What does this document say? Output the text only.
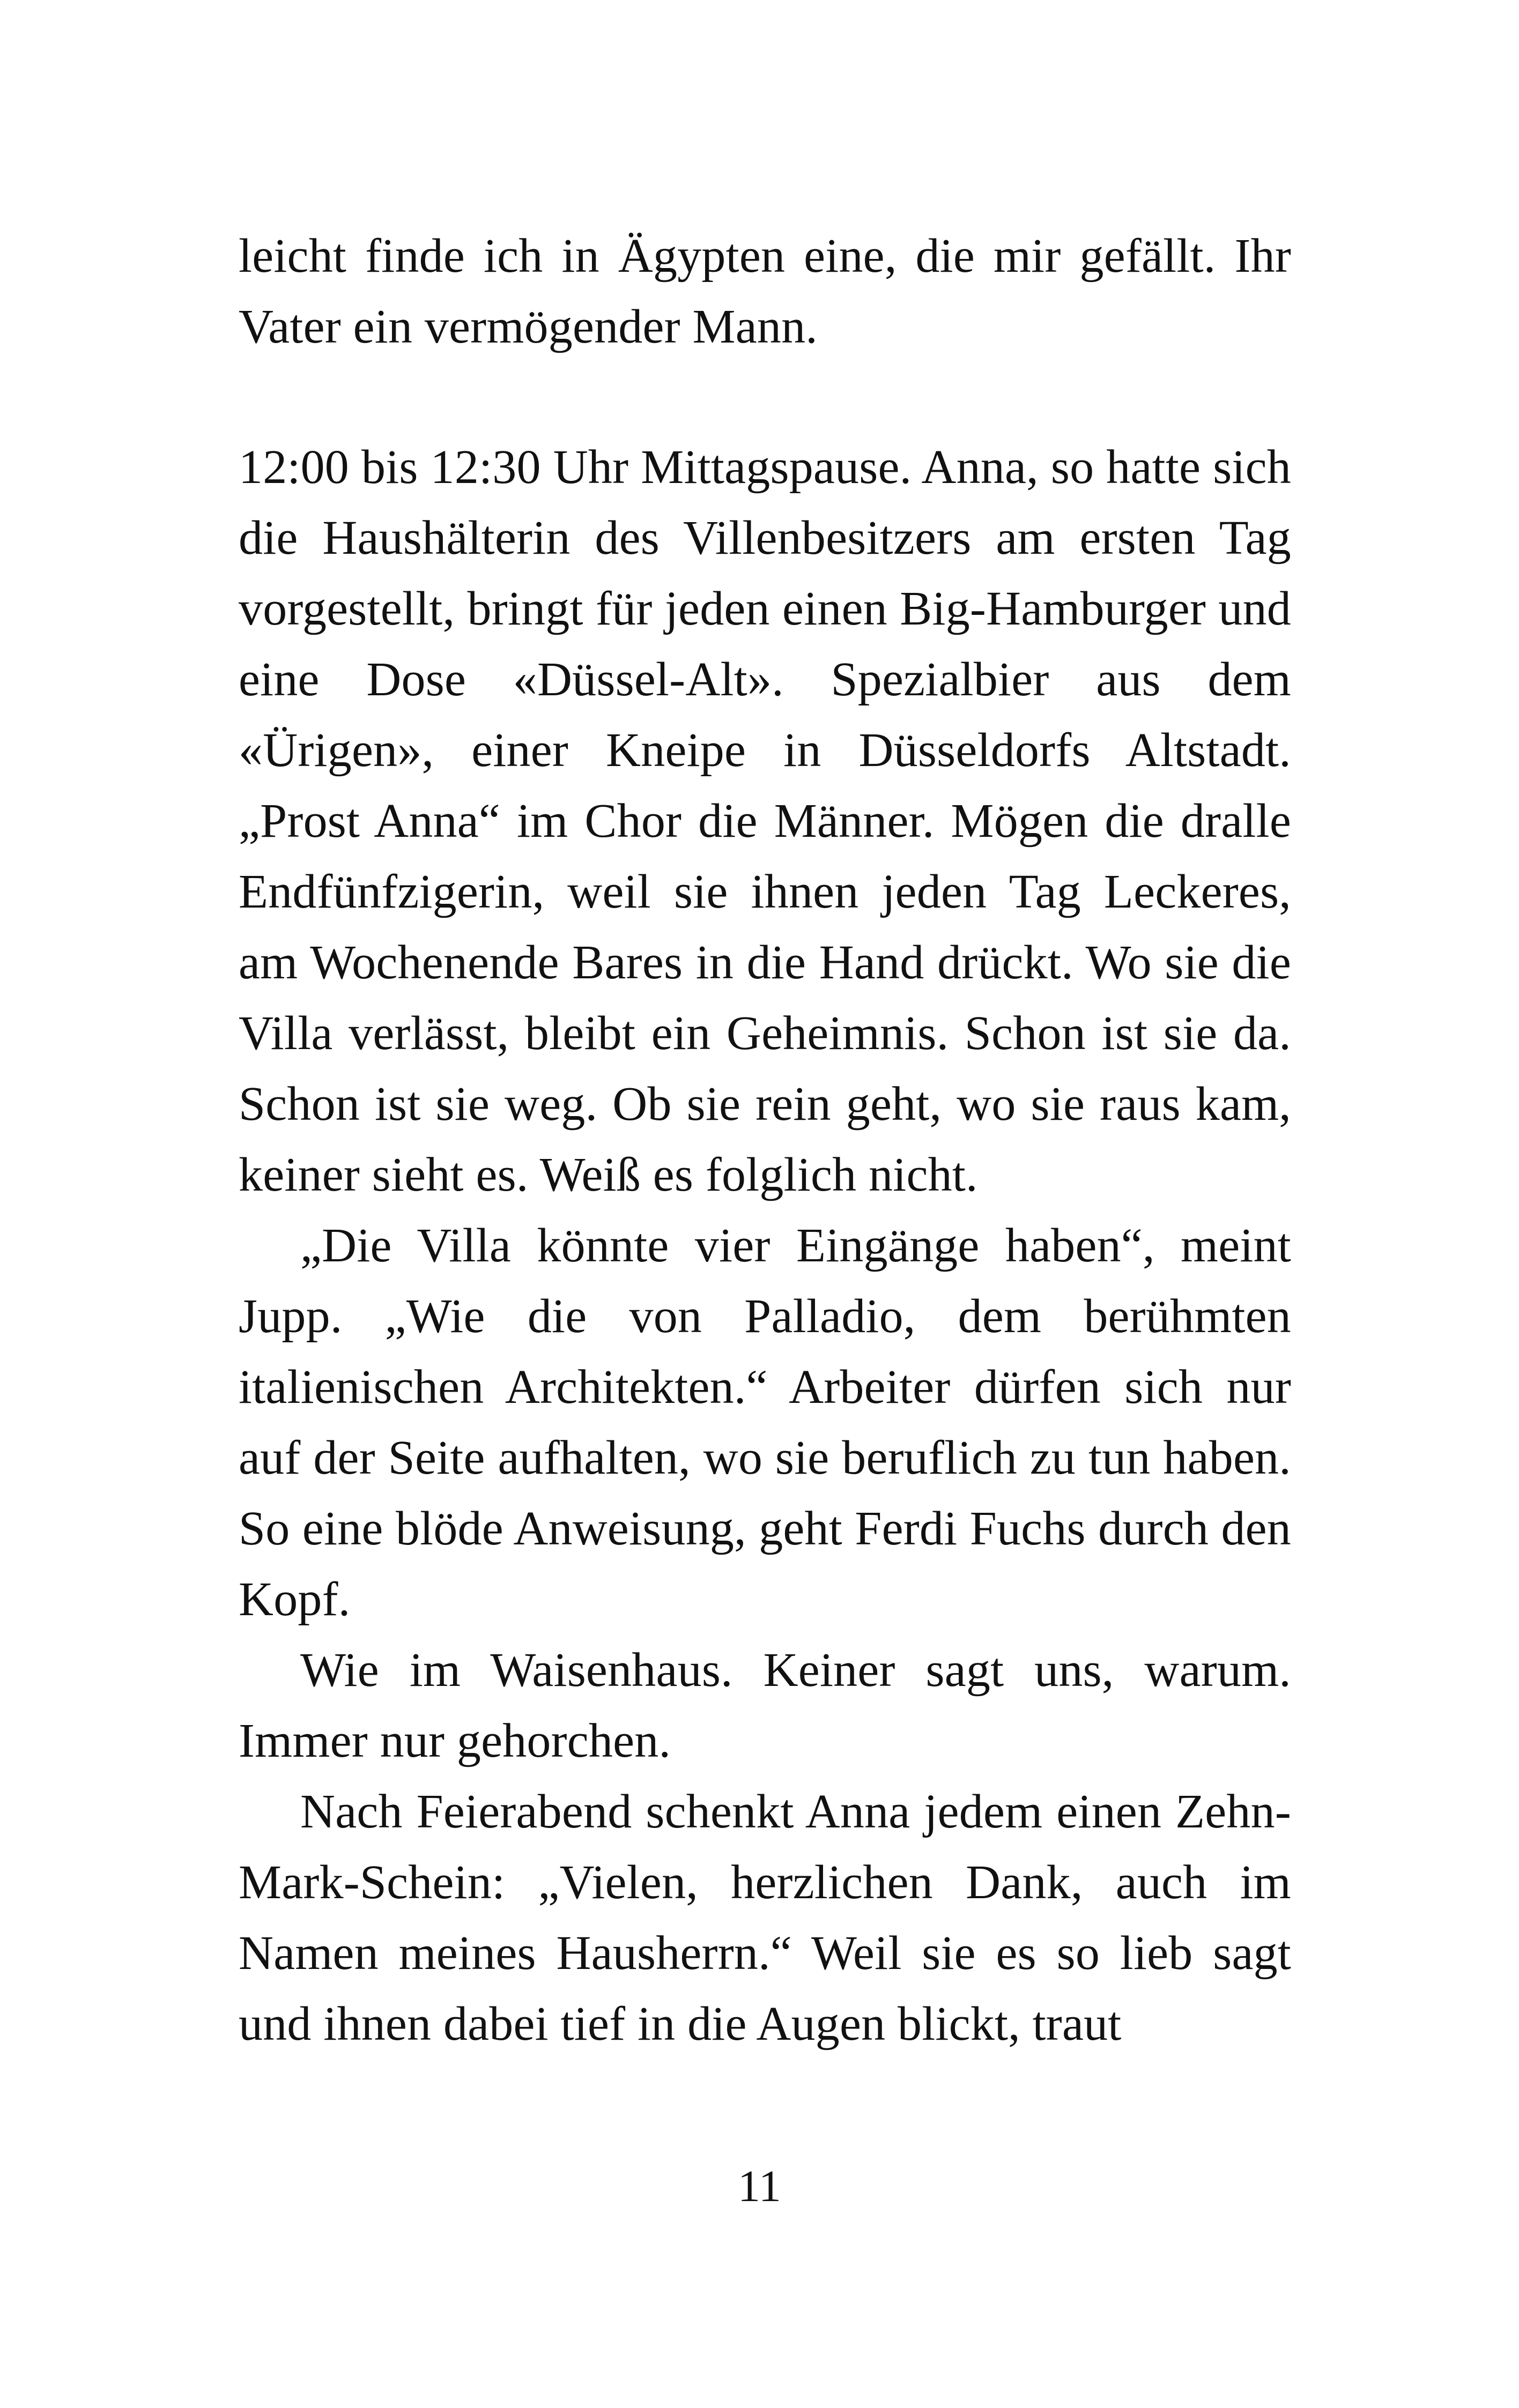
leicht finde ich in Ägypten eine, die mir gefällt. Ihr Vater ein vermögender Mann.

12:00 bis 12:30 Uhr Mittagspause. Anna, so hatte sich die Haushälterin des Villenbesitzers am ersten Tag vorgestellt, bringt für jeden einen Big-Hamburger und eine Dose «Düssel-Alt». Spezialbier aus dem «Ürigen», einer Kneipe in Düsseldorfs Altstadt. „Prost Anna“ im Chor die Männer. Mögen die dralle Endfünfzigerin, weil sie ihnen jeden Tag Leckeres, am Wochenende Bares in die Hand drückt. Wo sie die Villa verlässt, bleibt ein Geheimnis. Schon ist sie da. Schon ist sie weg. Ob sie rein geht, wo sie raus kam, keiner sieht es. Weiß es folglich nicht.

„Die Villa könnte vier Eingänge haben“, meint Jupp. „Wie die von Palladio, dem berühmten italienischen Architekten.“ Arbeiter dürfen sich nur auf der Seite aufhalten, wo sie beruflich zu tun haben. So eine blöde Anweisung, geht Ferdi Fuchs durch den Kopf.

Wie im Waisenhaus. Keiner sagt uns, warum. Immer nur gehorchen.

Nach Feierabend schenkt Anna jedem einen Zehn-Mark-Schein: „Vielen, herzlichen Dank, auch im Namen meines Hausherrn.“ Weil sie es so lieb sagt und ihnen dabei tief in die Augen blickt, traut

11
